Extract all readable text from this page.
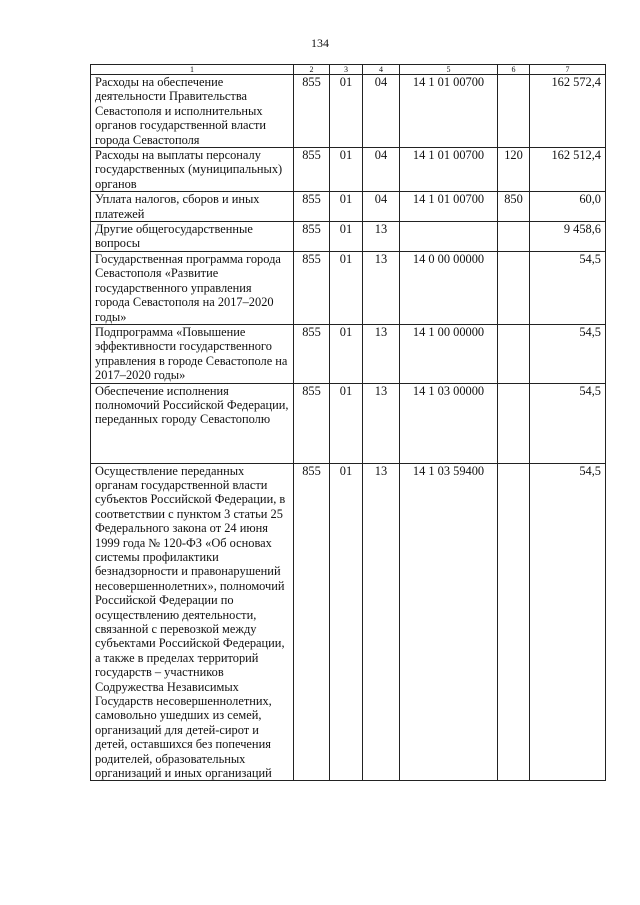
134
1	2	3	4	5	6	7
Расходы на обеспечение деятельности Правительства Севастополя и исполнительных органов государственной власти города Севастополя	855	01	04	14 1 01 00700		162 572,4
Расходы на выплаты персоналу государственных (муниципальных) органов	855	01	04	14 1 01 00700	120	162 512,4
Уплата налогов, сборов и иных платежей	855	01	04	14 1 01 00700	850	60,0
Другие общегосударственные вопросы	855	01	13			9 458,6
Государственная программа города Севастополя «Развитие государственного управления города Севастополя на 2017–2020 годы»	855	01	13	14 0 00 00000		54,5
Подпрограмма «Повышение эффективности государственного управления в городе Севастополе на 2017–2020 годы»	855	01	13	14 1 00 00000		54,5
Обеспечение исполнения полномочий Российской Федерации, переданных городу Севастополю	855	01	13	14 1 03 00000		54,5
Осуществление переданных органам государственной власти субъектов Российской Федерации, в соответствии с пунктом 3 статьи 25 Федерального закона от 24 июня 1999 года № 120-ФЗ «Об основах системы профилактики безнадзорности и правонарушений несовершеннолетних», полномочий Российской Федерации по осуществлению деятельности, связанной с перевозкой между субъектами Российской Федерации, а также в пределах территорий государств – участников Содружества Независимых Государств несовершеннолетних, самовольно ушедших из семей, организаций для детей-сирот и детей, оставшихся без попечения родителей, образовательных организаций и иных организаций	855	01	13	14 1 03 59400		54,5
